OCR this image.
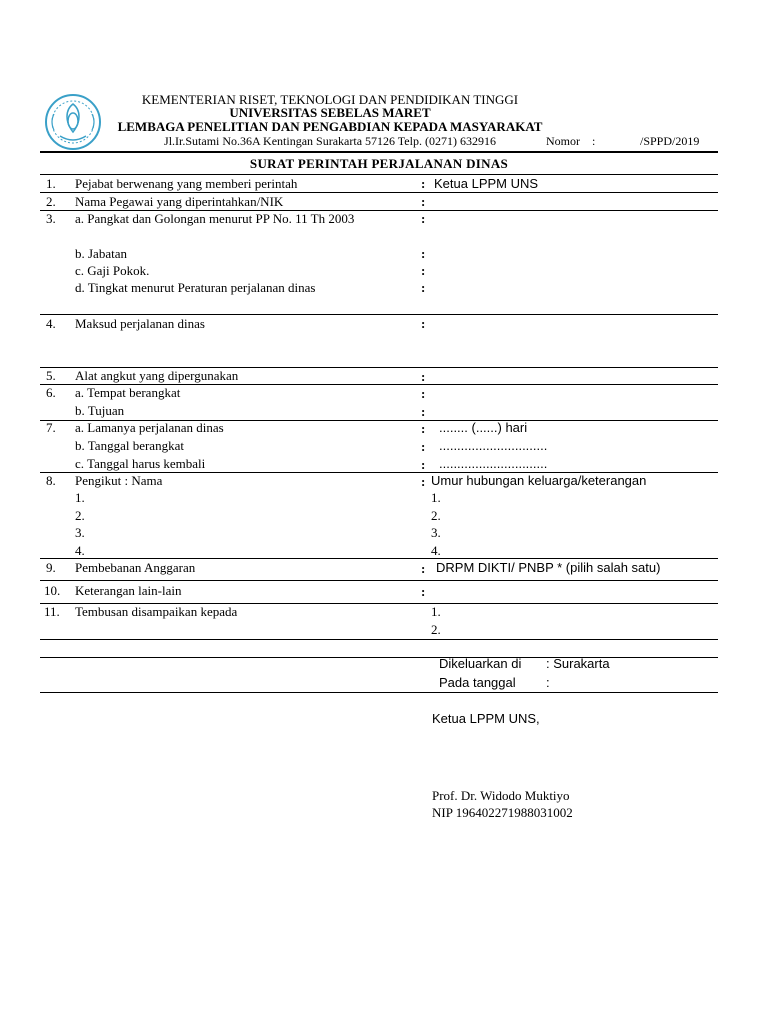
KEMENTERIAN RISET, TEKNOLOGI DAN PENDIDIKAN TINGGI
UNIVERSITAS SEBELAS MARET
LEMBAGA PENELITIAN DAN PENGABDIAN KEPADA MASYARAKAT
Jl.Ir.Sutami No.36A Kentingan Surakarta 57126 Telp. (0271) 632916	Nomor :	/SPPD/2019
SURAT PERINTAH PERJALANAN DINAS
1. Pejabat berwenang yang memberi perintah	: Ketua LPPM UNS
2. Nama Pegawai yang diperintahkan/NIK	:
3. a. Pangkat dan Golongan menurut PP No. 11 Th 2003	:
b. Jabatan	:
c. Gaji Pokok.	:
d. Tingkat menurut Peraturan perjalanan dinas	:
4. Maksud perjalanan dinas	:
5. Alat angkut yang dipergunakan	:
6. a. Tempat berangkat	:
b. Tujuan	:
7. a. Lamanya perjalanan dinas	: ........ (......) hari
b. Tanggal berangkat	: ..............................
c. Tanggal harus kembali	: ..............................
8. Pengikut : Nama	: Umur hubungan keluarga/keterangan
1.	1.
2.	2.
3.	3.
4.	4.
9. Pembebanan Anggaran	: DRPM DIKTI/ PNBP * (pilih salah satu)
10. Keterangan lain-lain	:
11. Tembusan disampaikan kepada	1.
2.
Dikeluarkan di : Surakarta
Pada tanggal :
Ketua LPPM UNS,
Prof. Dr. Widodo Muktiyo
NIP 196402271988031002
